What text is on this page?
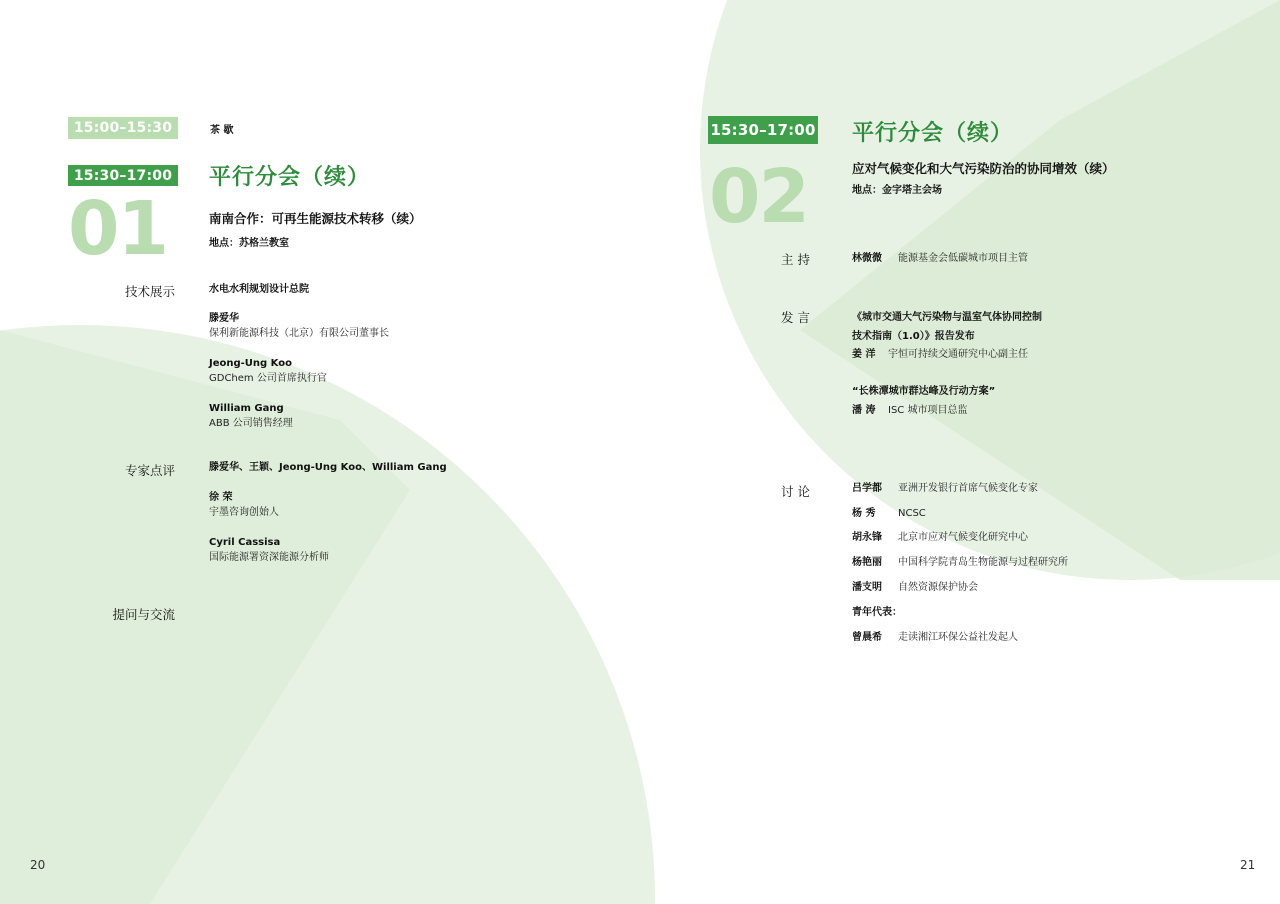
15:00–15:30	茶 歇
15:30–17:00 平行分会（续）
01	南南合作：可再生能源技术转移（续）
地点：苏格兰教室
技术展示	水电水利规划设计总院
滕爱华
保利新能源科技（北京）有限公司董事长
Jeong-Ung Koo
GDChem 公司首席执行官
William Gang
ABB 公司销售经理
专家点评	滕爱华、王颖、Jeong-Ung Koo、William Gang
徐 荣
宇墨咨询创始人
Cyril Cassisa
国际能源署资深能源分析师
提问与交流
20
15:30–17:00 平行分会（续）
02	应对气候变化和大气污染防治的协同增效（续）
地点：金字塔主会场
主 持	林微微 能源基金会低碳城市项目主管
发 言	《城市交通大气污染物与温室气体协同控制
技术指南（1.0）》报告发布
姜 洋 宇恒可持续交通研究中心副主任
“长株潭城市群达峰及行动方案”
潘 涛 ISC 城市项目总监
讨 论	吕学都 亚洲开发银行首席气候变化专家
杨 秀 NCSC
胡永锋 北京市应对气候变化研究中心
杨艳丽 中国科学院青岛生物能源与过程研究所
潘支明 自然资源保护协会
青年代表：
曾晨希 走读湘江环保公益社发起人
21
